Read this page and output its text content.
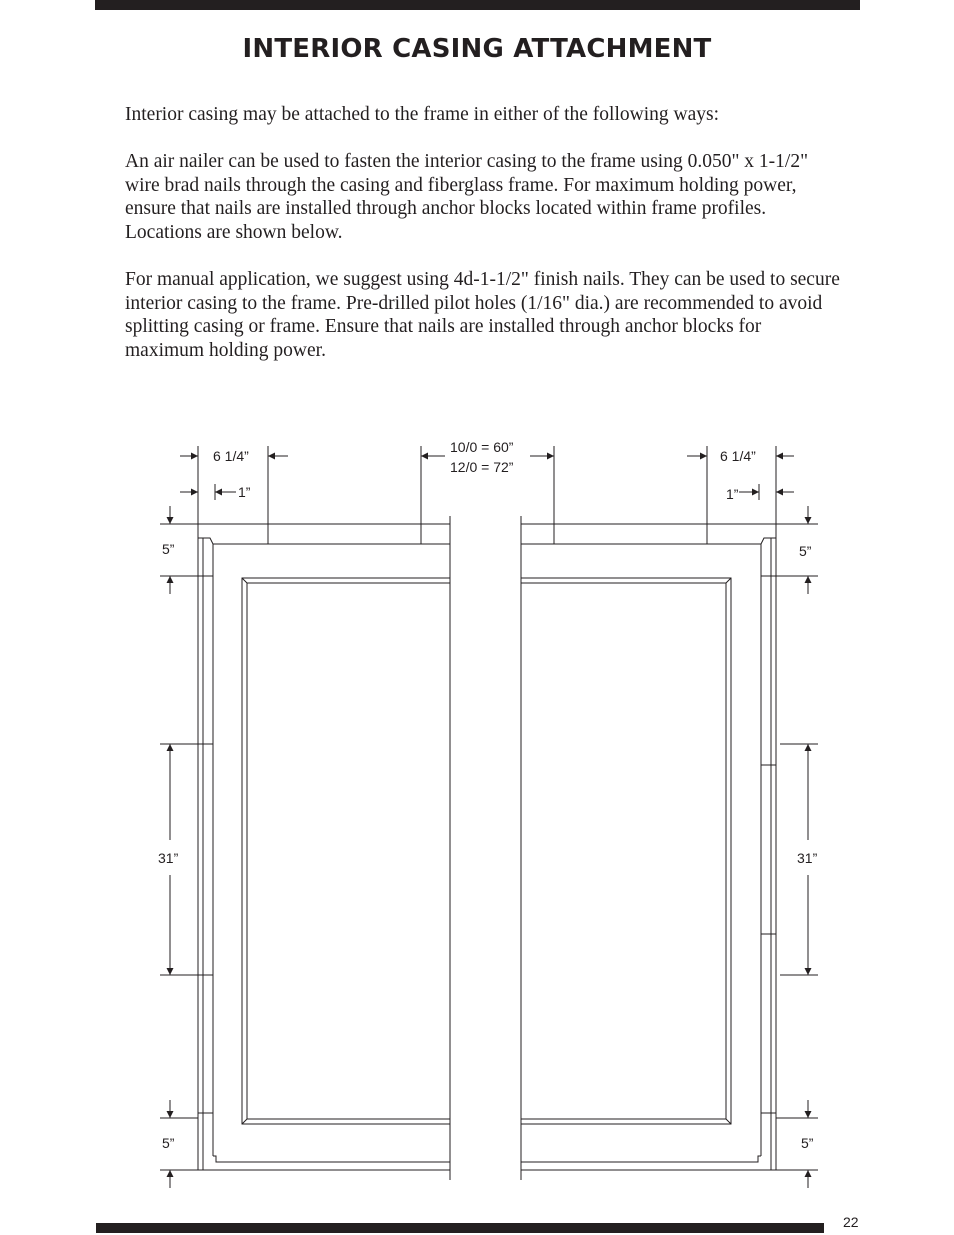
INTERIOR CASING ATTACHMENT

Interior casing may be attached to the frame in either of the following ways:

An air nailer can be used to fasten the interior casing to the frame using 0.050" x 1-1/2" wire brad nails through the casing and fiberglass frame. For maximum holding power, ensure that nails are installed through anchor blocks located within frame profiles. Locations are shown below.

For manual application, we suggest using 4d-1-1/2" finish nails. They can be used to secure interior casing to the frame. Pre-drilled pilot holes (1/16" dia.) are recommended to avoid splitting casing or frame. Ensure that nails are installed through anchor blocks for maximum holding power.

6 1/4”
1”
10/0 = 60”
12/0 = 72”
6 1/4”
1”
5”
31”
5”
5”
31”
5”
22
